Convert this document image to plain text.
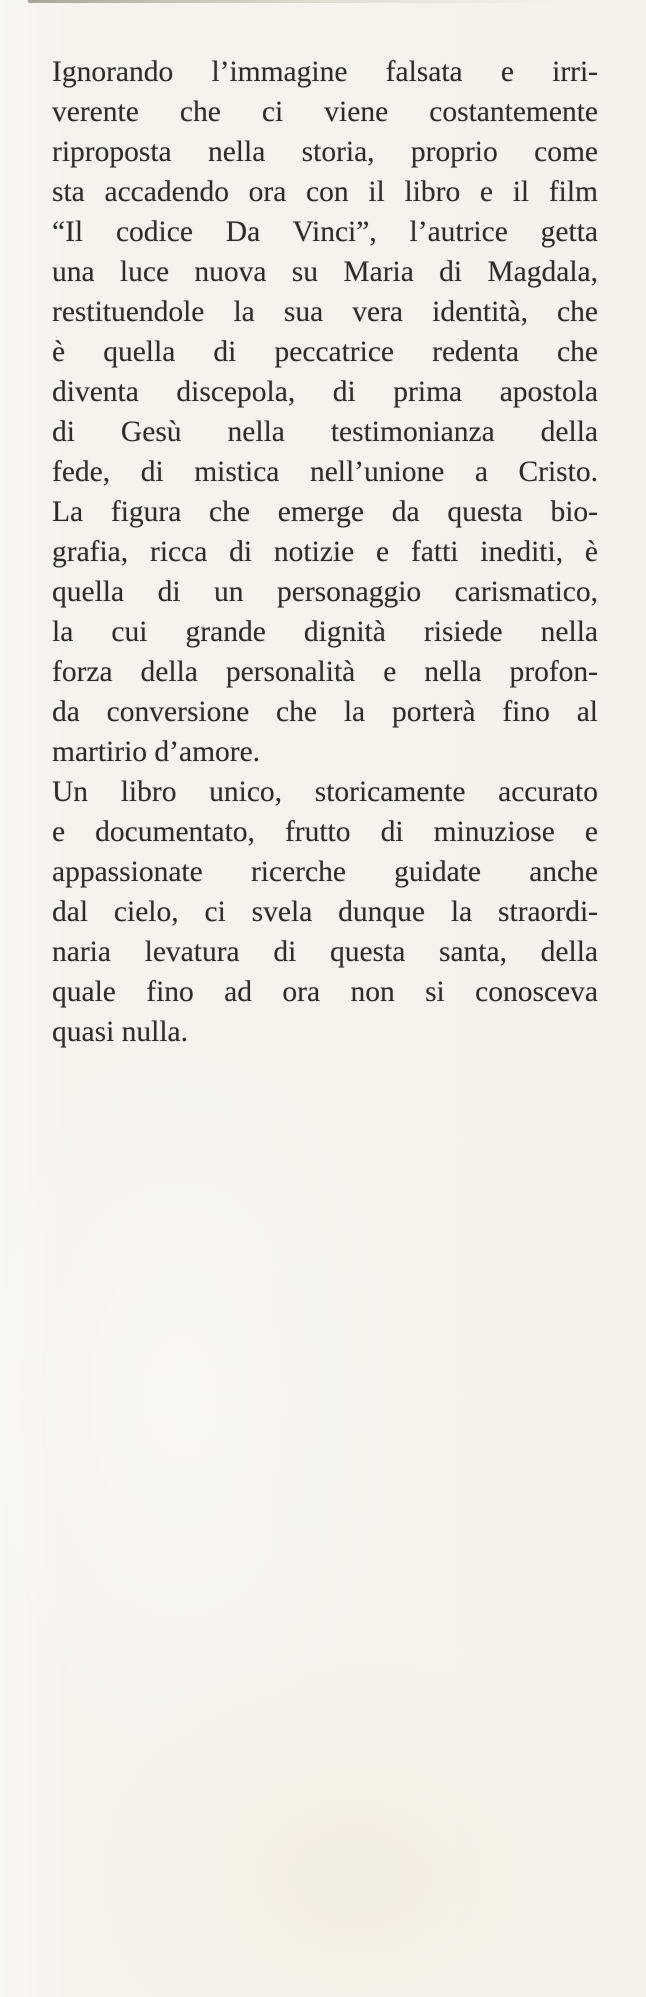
Ignorando l’immagine falsata e irri-
verente che ci viene costantemente
riproposta nella storia, proprio come
sta accadendo ora con il libro e il film
“Il codice Da Vinci”, l’autrice getta
una luce nuova su Maria di Magdala,
restituendole la sua vera identità, che
è quella di peccatrice redenta che
diventa discepola, di prima apostola
di Gesù nella testimonianza della
fede, di mistica nell’unione a Cristo.
La figura che emerge da questa bio-
grafia, ricca di notizie e fatti inediti, è
quella di un personaggio carismatico,
la cui grande dignità risiede nella
forza della personalità e nella profon-
da conversione che la porterà fino al
martirio d’amore.
Un libro unico, storicamente accurato
e documentato, frutto di minuziose e
appassionate ricerche guidate anche
dal cielo, ci svela dunque la straordi-
naria levatura di questa santa, della
quale fino ad ora non si conosceva
quasi nulla.
